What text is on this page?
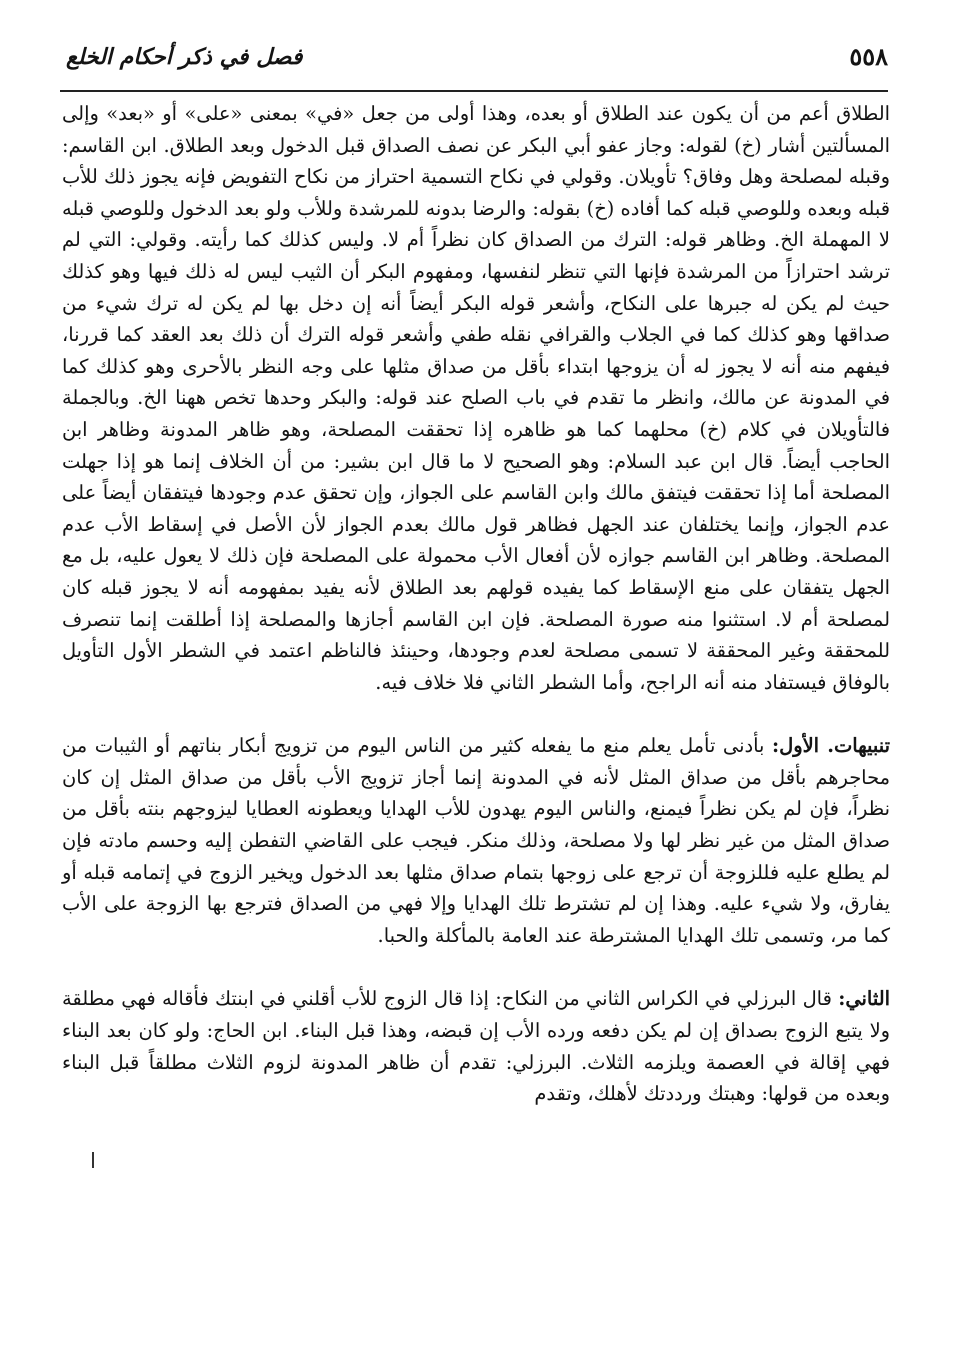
٥٥٨
فصل في ذكر أحكام الخلع

الطلاق أعم من أن يكون عند الطلاق أو بعده، وهذا أولى من جعل «في» بمعنى «على» أو «بعد» وإلى المسألتين أشار (خ) لقوله: وجاز عفو أبي البكر عن نصف الصداق قبل الدخول وبعد الطلاق. ابن القاسم: وقبله لمصلحة وهل وفاق؟ تأويلان. وقولي في نكاح التسمية احتراز من نكاح التفويض فإنه يجوز ذلك للأب قبله وبعده وللوصي قبله كما أفاده (خ) بقوله: والرضا بدونه للمرشدة وللأب ولو بعد الدخول وللوصي قبله لا المهملة الخ. وظاهر قوله: الترك من الصداق كان نظراً أم لا. وليس كذلك كما رأيته. وقولي: التي لم ترشد احترازاً من المرشدة فإنها التي تنظر لنفسها، ومفهوم البكر أن الثيب ليس له ذلك فيها وهو كذلك حيث لم يكن له جبرها على النكاح، وأشعر قوله البكر أيضاً أنه إن دخل بها لم يكن له ترك شيء من صداقها وهو كذلك كما في الجلاب والقرافي نقله طفي وأشعر قوله الترك أن ذلك بعد العقد كما قررنا، فيفهم منه أنه لا يجوز له أن يزوجها ابتداء بأقل من صداق مثلها على وجه النظر بالأحرى وهو كذلك كما في المدونة عن مالك، وانظر ما تقدم في باب الصلح عند قوله: والبكر وحدها تخص ههنا الخ. وبالجملة فالتأويلان في كلام (خ) محلهما كما هو ظاهره إذا تحققت المصلحة، وهو ظاهر المدونة وظاهر ابن الحاجب أيضاً. قال ابن عبد السلام: وهو الصحيح لا ما قال ابن بشير: من أن الخلاف إنما هو إذا جهلت المصلحة أما إذا تحققت فيتفق مالك وابن القاسم على الجواز، وإن تحقق عدم وجودها فيتفقان أيضاً على عدم الجواز، وإنما يختلفان عند الجهل فظاهر قول مالك بعدم الجواز لأن الأصل في إسقاط الأب عدم المصلحة. وظاهر ابن القاسم جوازه لأن أفعال الأب محمولة على المصلحة فإن ذلك لا يعول عليه، بل مع الجهل يتفقان على منع الإسقاط كما يفيده قولهم بعد الطلاق لأنه يفيد بمفهومه أنه لا يجوز قبله كان لمصلحة أم لا. استثنوا منه صورة المصلحة. فإن ابن القاسم أجازها والمصلحة إذا أطلقت إنما تنصرف للمحققة وغير المحققة لا تسمى مصلحة لعدم وجودها، وحينئذ فالناظم اعتمد في الشطر الأول التأويل بالوفاق فيستفاد منه أنه الراجح، وأما الشطر الثاني فلا خلاف فيه.

تنبيهات. الأول: بأدنى تأمل يعلم منع ما يفعله كثير من الناس اليوم من تزويج أبكار بناتهم أو الثيبات من محاجرهم بأقل من صداق المثل لأنه في المدونة إنما أجاز تزويج الأب بأقل من صداق المثل إن كان نظراً، فإن لم يكن نظراً فيمنع، والناس اليوم يهدون للأب الهدايا ويعطونه العطايا ليزوجهم بنته بأقل من صداق المثل من غير نظر لها ولا مصلحة، وذلك منكر. فيجب على القاضي التفطن إليه وحسم مادته فإن لم يطلع عليه فللزوجة أن ترجع على زوجها بتمام صداق مثلها بعد الدخول ويخير الزوج في إتمامه قبله أو يفارق، ولا شيء عليه. وهذا إن لم تشترط تلك الهدايا وإلا فهي من الصداق فترجع بها الزوجة على الأب كما مر، وتسمى تلك الهدايا المشترطة عند العامة بالمأكلة والحبا.

الثاني: قال البرزلي في الكراس الثاني من النكاح: إذا قال الزوج للأب أقلني في ابنتك فأقاله فهي مطلقة ولا يتبع الزوج بصداق إن لم يكن دفعه ورده الأب إن قبضه، وهذا قبل البناء. ابن الحاج: ولو كان بعد البناء فهي إقالة في العصمة ويلزمه الثلاث. البرزلي: تقدم أن ظاهر المدونة لزوم الثلاث مطلقاً قبل البناء وبعده من قولها: وهبتك ورددتك لأهلك، وتقدم
